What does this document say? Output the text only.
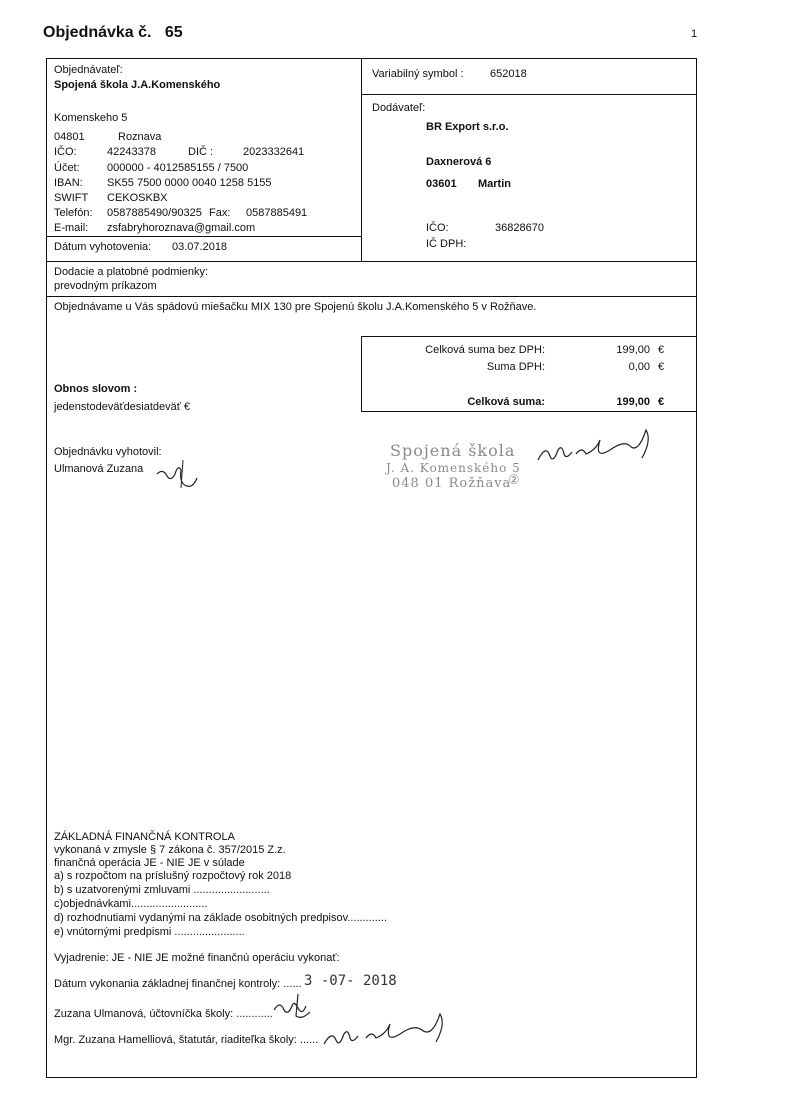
Objednávka č. 65	1
Objednávateľ:
Spojená škola J.A.Komenského
Komenskeho 5
04801	Roznava
IČO:	42243378	DIČ :	2023332641
Účet: 000000 - 4012585155 / 7500
IBAN: SK55 7500 0000 0040 1258 5155
SWIFT CEKOSKBX
Telefón: 0587885490/90325 Fax: 0587885491
E-mail: zsfabryhoroznava@gmail.com
Dátum vyhotovenia: 03.07.2018
Variabilný symbol : 652018
Dodávateľ:
BR Export s.r.o.
Daxnerová 6
03601 Martin
IČO:	36828670
IČ DPH:
Dodacie a platobné podmienky:
prevodným príkazom
Objednávame u Vás spádovú miešačku MIX 130 pre Spojenú školu J.A.Komenského 5 v Rožňave.
Celková suma bez DPH:	199,00 €
Suma DPH:	0,00 €
Celková suma:	199,00 €
Obnos slovom :
jedenstodeväťdesiatdeväť €
Objednávku vyhotovil:
Ulmanová Zuzana
Spojená škola
J. A. Komenského 5
048 01 Rožňava
②
ZÁKLADNÁ FINANČNÁ KONTROLA
vykonaná v zmysle § 7 zákona č. 357/2015 Z.z.
finančná operácia JE - NIE JE v súlade
a) s rozpočtom na príslušný rozpočtový rok 2018
b) s uzatvorenými zmluvami .........................
c)objednávkami.........................
d) rozhodnutiami vydanými na základe osobitných predpisov.............
e) vnútornými predpismi .......................
Vyjadrenie: JE - NIE JE možné finančnú operáciu vykonať:
Dátum vykonania základnej finančnej kontroly: ...... 3 -07- 2018
Zuzana Ulmanová, účtovníčka školy: ............
Mgr. Zuzana Hamelliová, štatutár, riaditeľka školy: ......
